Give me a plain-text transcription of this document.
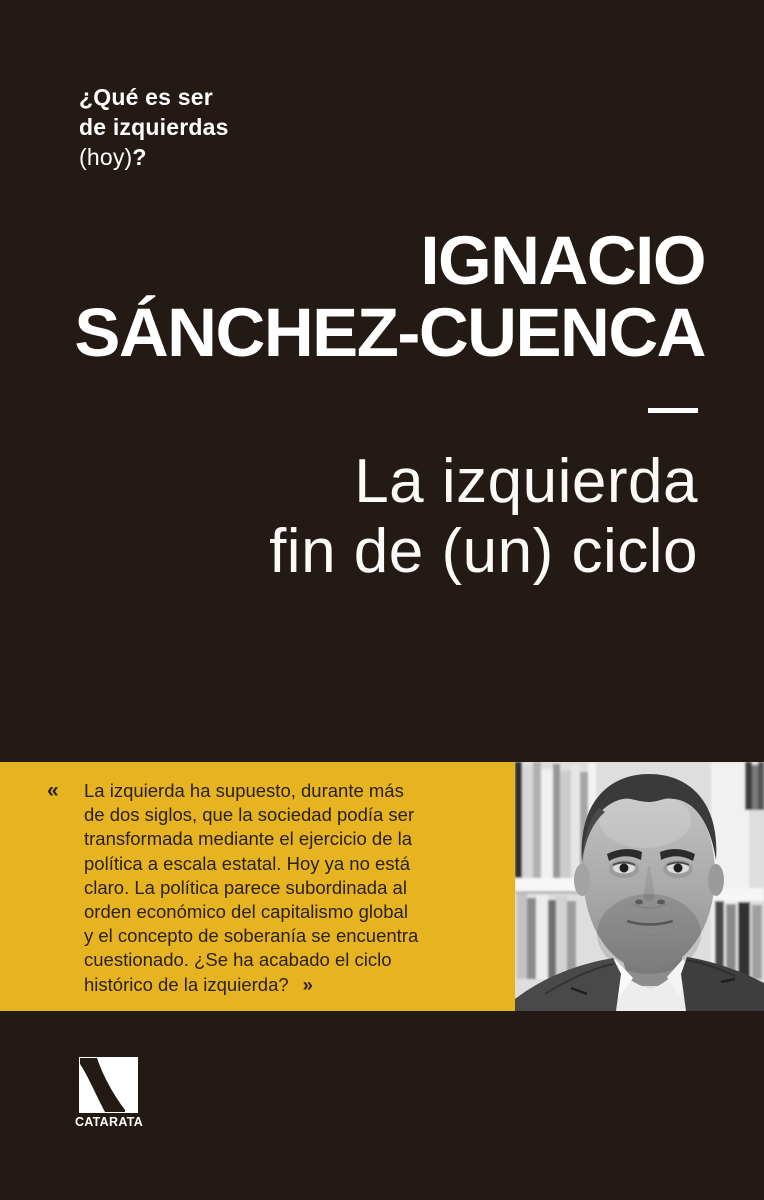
¿Qué es ser
de izquierdas
(hoy)?
IGNACIO
SÁNCHEZ-CUENCA
La izquierda
fin de (un) ciclo
« La izquierda ha supuesto, durante más
de dos siglos, que la sociedad podía ser
transformada mediante el ejercicio de la
política a escala estatal. Hoy ya no está
claro. La política parece subordinada al
orden económico del capitalismo global
y el concepto de soberanía se encuentra
cuestionado. ¿Se ha acabado el ciclo
histórico de la izquierda? »
CATARATA
